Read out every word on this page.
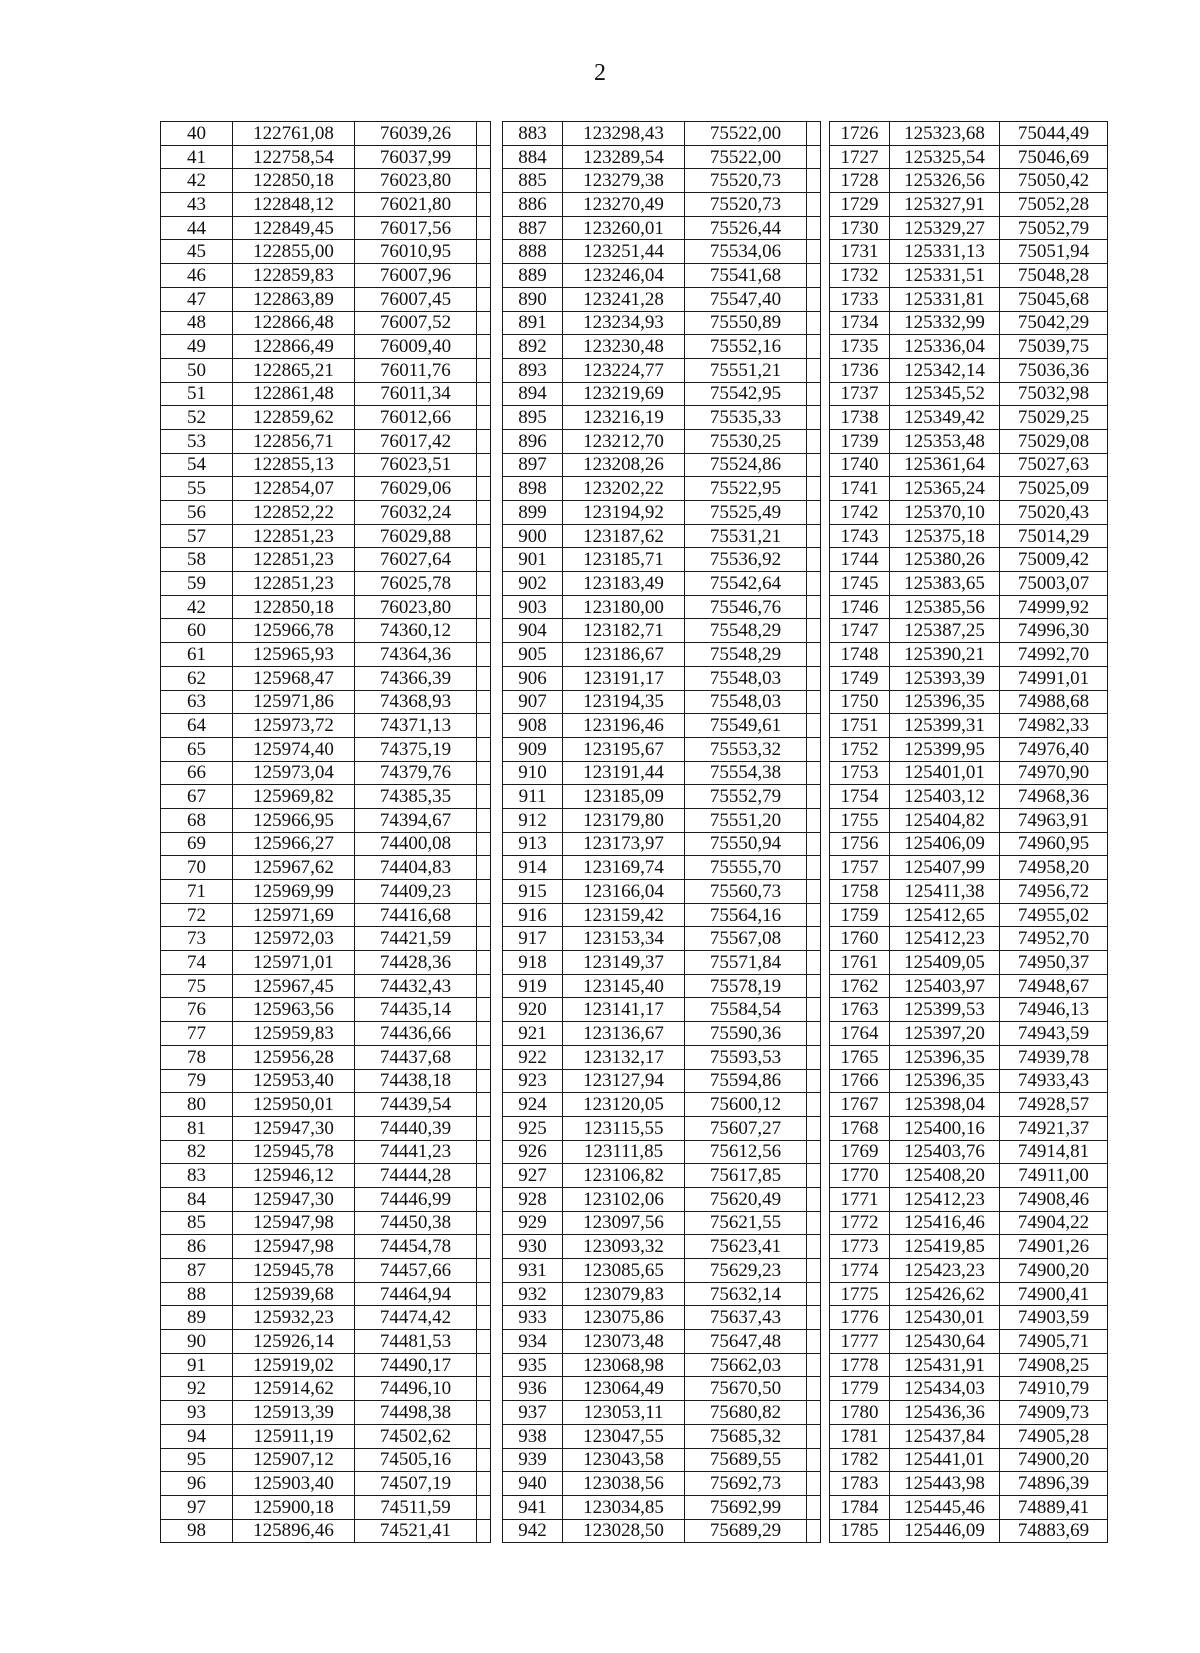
2
40	122761,08	76039,26	
41	122758,54	76037,99	
42	122850,18	76023,80	
43	122848,12	76021,80	
44	122849,45	76017,56	
45	122855,00	76010,95	
46	122859,83	76007,96	
47	122863,89	76007,45	
48	122866,48	76007,52	
49	122866,49	76009,40	
50	122865,21	76011,76	
51	122861,48	76011,34	
52	122859,62	76012,66	
53	122856,71	76017,42	
54	122855,13	76023,51	
55	122854,07	76029,06	
56	122852,22	76032,24	
57	122851,23	76029,88	
58	122851,23	76027,64	
59	122851,23	76025,78	
42	122850,18	76023,80	
60	125966,78	74360,12	
61	125965,93	74364,36	
62	125968,47	74366,39	
63	125971,86	74368,93	
64	125973,72	74371,13	
65	125974,40	74375,19	
66	125973,04	74379,76	
67	125969,82	74385,35	
68	125966,95	74394,67	
69	125966,27	74400,08	
70	125967,62	74404,83	
71	125969,99	74409,23	
72	125971,69	74416,68	
73	125972,03	74421,59	
74	125971,01	74428,36	
75	125967,45	74432,43	
76	125963,56	74435,14	
77	125959,83	74436,66	
78	125956,28	74437,68	
79	125953,40	74438,18	
80	125950,01	74439,54	
81	125947,30	74440,39	
82	125945,78	74441,23	
83	125946,12	74444,28	
84	125947,30	74446,99	
85	125947,98	74450,38	
86	125947,98	74454,78	
87	125945,78	74457,66	
88	125939,68	74464,94	
89	125932,23	74474,42	
90	125926,14	74481,53	
91	125919,02	74490,17	
92	125914,62	74496,10	
93	125913,39	74498,38	
94	125911,19	74502,62	
95	125907,12	74505,16	
96	125903,40	74507,19	
97	125900,18	74511,59	
98	125896,46	74521,41	
883	123298,43	75522,00	
884	123289,54	75522,00	
885	123279,38	75520,73	
886	123270,49	75520,73	
887	123260,01	75526,44	
888	123251,44	75534,06	
889	123246,04	75541,68	
890	123241,28	75547,40	
891	123234,93	75550,89	
892	123230,48	75552,16	
893	123224,77	75551,21	
894	123219,69	75542,95	
895	123216,19	75535,33	
896	123212,70	75530,25	
897	123208,26	75524,86	
898	123202,22	75522,95	
899	123194,92	75525,49	
900	123187,62	75531,21	
901	123185,71	75536,92	
902	123183,49	75542,64	
903	123180,00	75546,76	
904	123182,71	75548,29	
905	123186,67	75548,29	
906	123191,17	75548,03	
907	123194,35	75548,03	
908	123196,46	75549,61	
909	123195,67	75553,32	
910	123191,44	75554,38	
911	123185,09	75552,79	
912	123179,80	75551,20	
913	123173,97	75550,94	
914	123169,74	75555,70	
915	123166,04	75560,73	
916	123159,42	75564,16	
917	123153,34	75567,08	
918	123149,37	75571,84	
919	123145,40	75578,19	
920	123141,17	75584,54	
921	123136,67	75590,36	
922	123132,17	75593,53	
923	123127,94	75594,86	
924	123120,05	75600,12	
925	123115,55	75607,27	
926	123111,85	75612,56	
927	123106,82	75617,85	
928	123102,06	75620,49	
929	123097,56	75621,55	
930	123093,32	75623,41	
931	123085,65	75629,23	
932	123079,83	75632,14	
933	123075,86	75637,43	
934	123073,48	75647,48	
935	123068,98	75662,03	
936	123064,49	75670,50	
937	123053,11	75680,82	
938	123047,55	75685,32	
939	123043,58	75689,55	
940	123038,56	75692,73	
941	123034,85	75692,99	
942	123028,50	75689,29	
1726	125323,68	75044,49
1727	125325,54	75046,69
1728	125326,56	75050,42
1729	125327,91	75052,28
1730	125329,27	75052,79
1731	125331,13	75051,94
1732	125331,51	75048,28
1733	125331,81	75045,68
1734	125332,99	75042,29
1735	125336,04	75039,75
1736	125342,14	75036,36
1737	125345,52	75032,98
1738	125349,42	75029,25
1739	125353,48	75029,08
1740	125361,64	75027,63
1741	125365,24	75025,09
1742	125370,10	75020,43
1743	125375,18	75014,29
1744	125380,26	75009,42
1745	125383,65	75003,07
1746	125385,56	74999,92
1747	125387,25	74996,30
1748	125390,21	74992,70
1749	125393,39	74991,01
1750	125396,35	74988,68
1751	125399,31	74982,33
1752	125399,95	74976,40
1753	125401,01	74970,90
1754	125403,12	74968,36
1755	125404,82	74963,91
1756	125406,09	74960,95
1757	125407,99	74958,20
1758	125411,38	74956,72
1759	125412,65	74955,02
1760	125412,23	74952,70
1761	125409,05	74950,37
1762	125403,97	74948,67
1763	125399,53	74946,13
1764	125397,20	74943,59
1765	125396,35	74939,78
1766	125396,35	74933,43
1767	125398,04	74928,57
1768	125400,16	74921,37
1769	125403,76	74914,81
1770	125408,20	74911,00
1771	125412,23	74908,46
1772	125416,46	74904,22
1773	125419,85	74901,26
1774	125423,23	74900,20
1775	125426,62	74900,41
1776	125430,01	74903,59
1777	125430,64	74905,71
1778	125431,91	74908,25
1779	125434,03	74910,79
1780	125436,36	74909,73
1781	125437,84	74905,28
1782	125441,01	74900,20
1783	125443,98	74896,39
1784	125445,46	74889,41
1785	125446,09	74883,69
